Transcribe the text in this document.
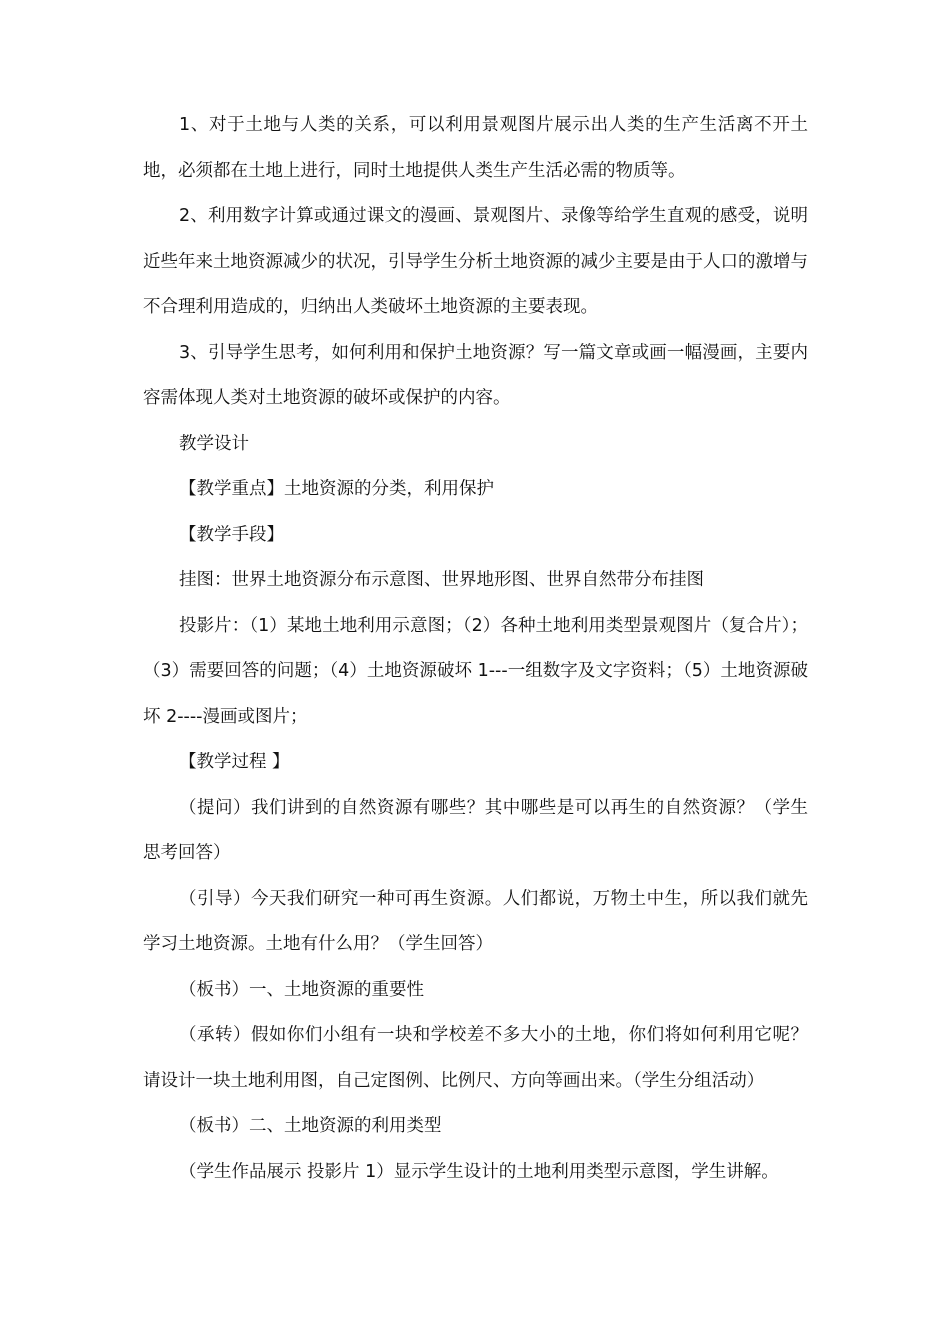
1、对于土地与人类的关系，可以利用景观图片展示出人类的生产生活离不开土地，必须都在土地上进行，同时土地提供人类生产生活必需的物质等。

2、利用数字计算或通过课文的漫画、景观图片、录像等给学生直观的感受，说明近些年来土地资源减少的状况，引导学生分析土地资源的减少主要是由于人口的激增与不合理利用造成的，归纳出人类破坏土地资源的主要表现。

3、引导学生思考，如何利用和保护土地资源？写一篇文章或画一幅漫画，主要内容需体现人类对土地资源的破坏或保护的内容。

教学设计

【教学重点】土地资源的分类，利用保护

【教学手段】

挂图：世界土地资源分布示意图、世界地形图、世界自然带分布挂图

投影片：（1）某地土地利用示意图；（2）各种土地利用类型景观图片（复合片）；（3）需要回答的问题；（4）土地资源破坏 1---一组数字及文字资料；（5）土地资源破坏 2----漫画或图片；

【教学过程 】

（提问）我们讲到的自然资源有哪些？其中哪些是可以再生的自然资源？（学生思考回答）

（引导）今天我们研究一种可再生资源。人们都说，万物土中生，所以我们就先学习土地资源。土地有什么用？（学生回答）

（板书）一、土地资源的重要性

（承转）假如你们小组有一块和学校差不多大小的土地，你们将如何利用它呢？请设计一块土地利用图，自己定图例、比例尺、方向等画出来。（学生分组活动）

（板书）二、土地资源的利用类型

（学生作品展示 投影片 1）显示学生设计的土地利用类型示意图，学生讲解。
